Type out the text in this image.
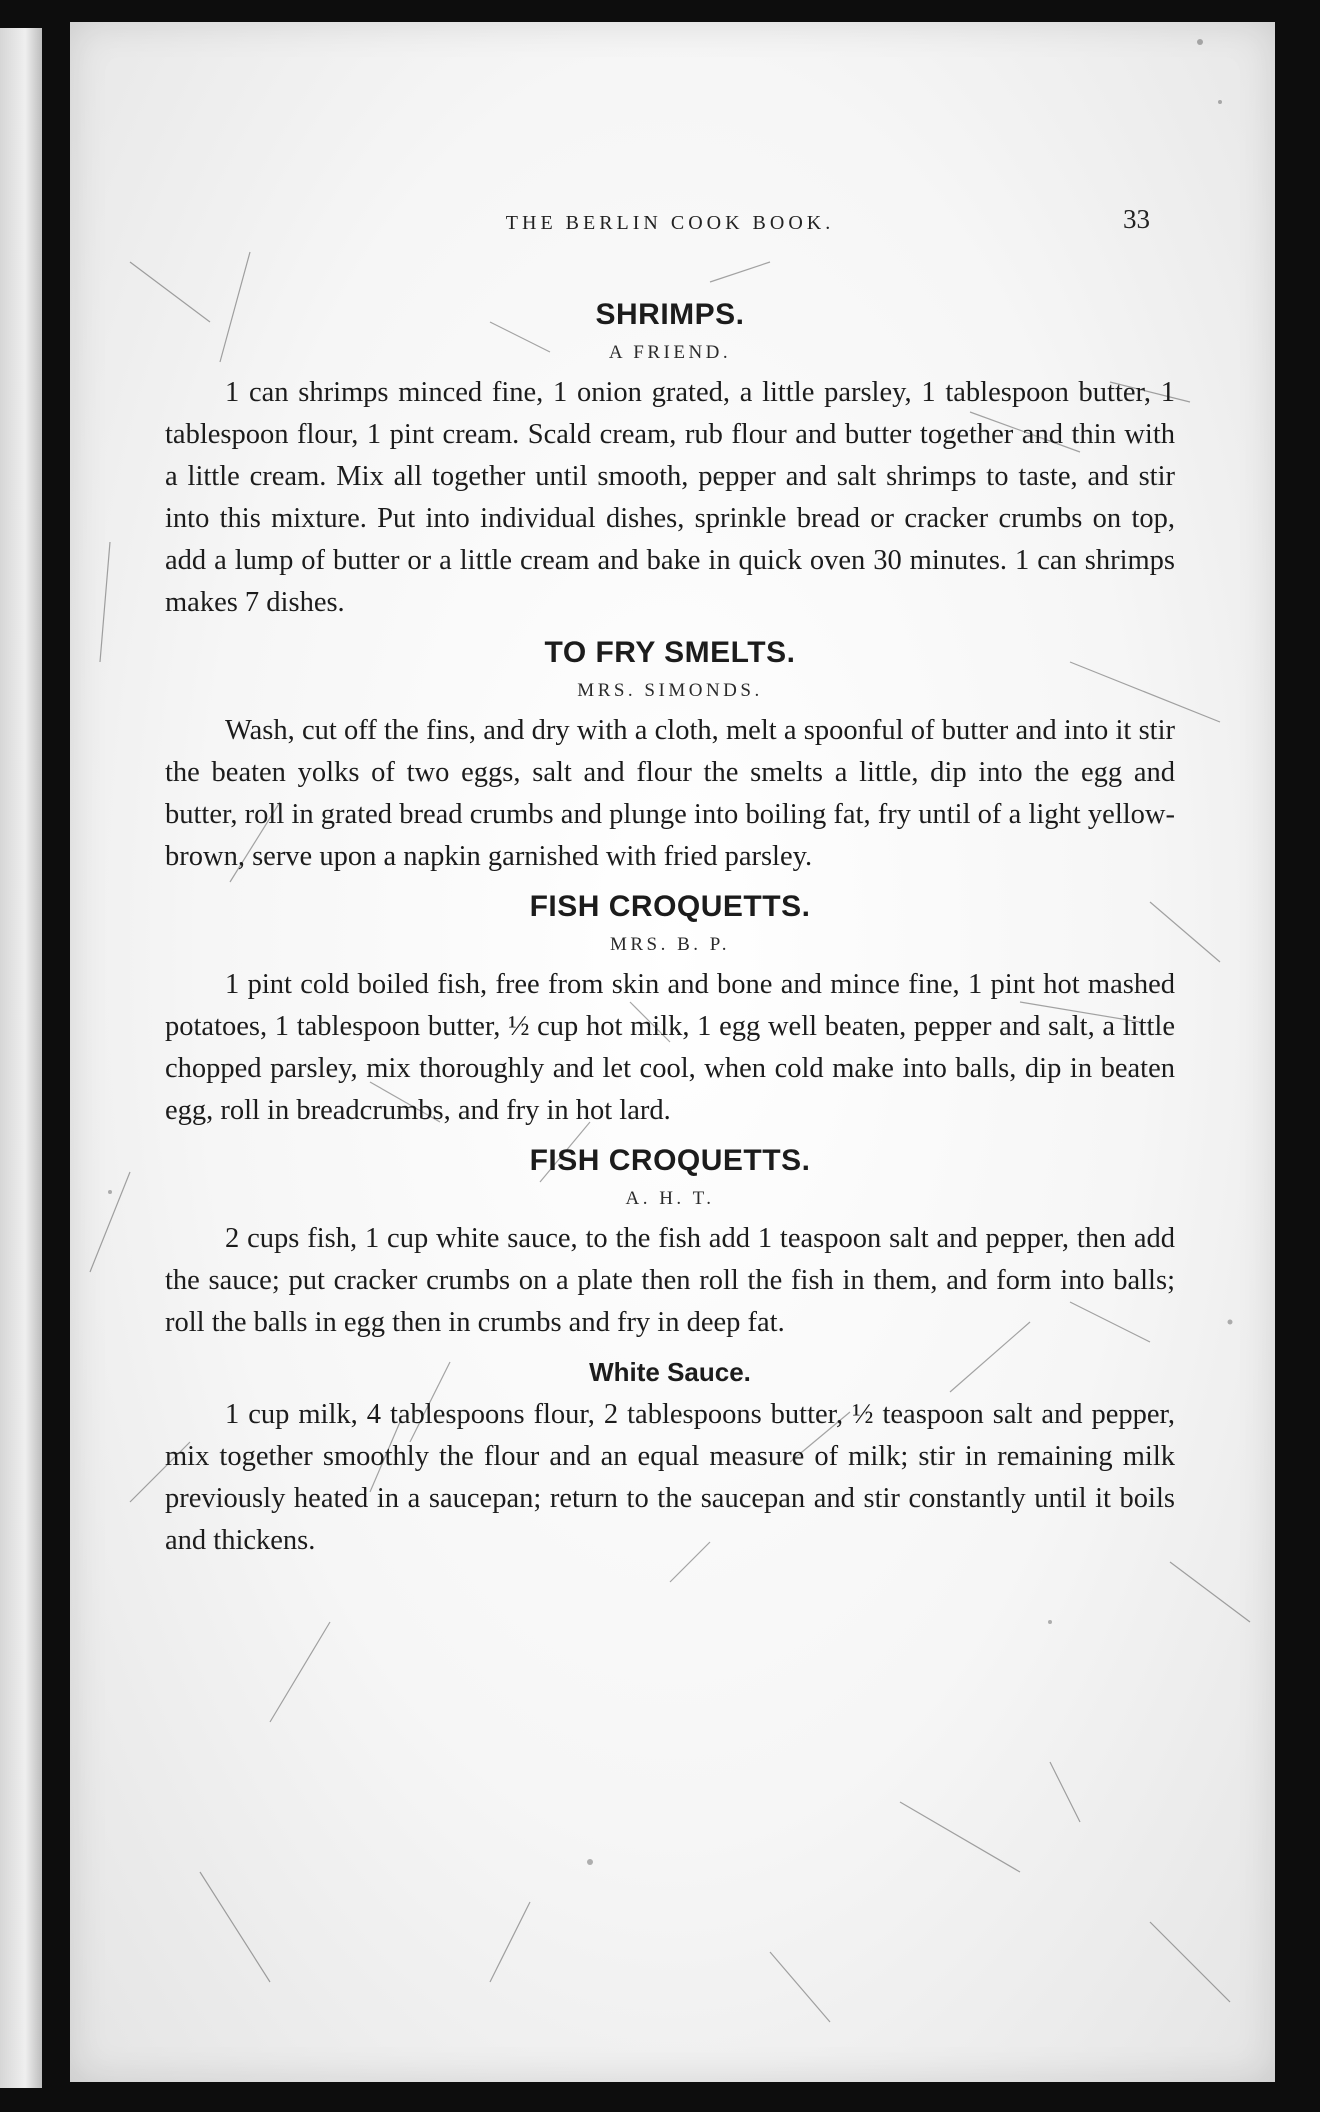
THE BERLIN COOK BOOK.	33
SHRIMPS.
A FRIEND.

1 can shrimps minced fine, 1 onion grated, a little parsley, 1 tablespoon butter, 1 tablespoon flour, 1 pint cream. Scald cream, rub flour and butter together and thin with a little cream. Mix all together until smooth, pepper and salt shrimps to taste, and stir into this mixture. Put into individual dishes, sprinkle bread or cracker crumbs on top, add a lump of butter or a little cream and bake in quick oven 30 minutes. 1 can shrimps makes 7 dishes.

TO FRY SMELTS.
MRS. SIMONDS.

Wash, cut off the fins, and dry with a cloth, melt a spoonful of butter and into it stir the beaten yolks of two eggs, salt and flour the smelts a little, dip into the egg and butter, roll in grated bread crumbs and plunge into boiling fat, fry until of a light yellow-brown, serve upon a napkin garnished with fried parsley.

FISH CROQUETTS.
MRS. B. P.

1 pint cold boiled fish, free from skin and bone and mince fine, 1 pint hot mashed potatoes, 1 tablespoon butter, ½ cup hot milk, 1 egg well beaten, pepper and salt, a little chopped parsley, mix thoroughly and let cool, when cold make into balls, dip in beaten egg, roll in breadcrumbs, and fry in hot lard.

FISH CROQUETTS.
A. H. T.

2 cups fish, 1 cup white sauce, to the fish add 1 teaspoon salt and pepper, then add the sauce; put cracker crumbs on a plate then roll the fish in them, and form into balls; roll the balls in egg then in crumbs and fry in deep fat.

White Sauce.

1 cup milk, 4 tablespoons flour, 2 tablespoons butter, ½ teaspoon salt and pepper, mix together smoothly the flour and an equal measure of milk; stir in remaining milk previously heated in a saucepan; return to the saucepan and stir constantly until it boils and thickens.
